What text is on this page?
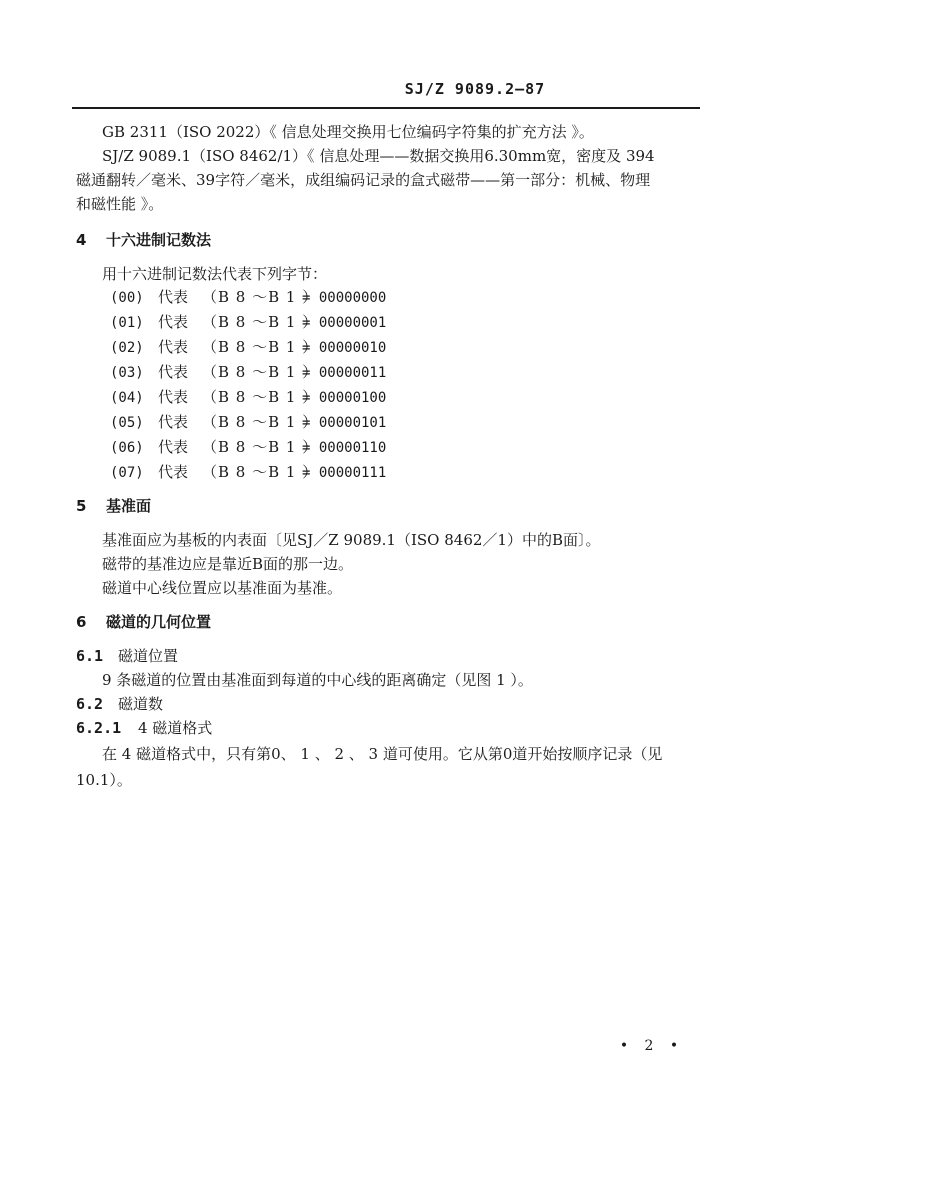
SJ/Z 9089.2—87
GB 2311（ISO 2022）《 信息处理交换用七位编码字符集的扩充方法 》。
SJ/Z 9089.1（ISO 8462/1）《 信息处理——数据交换用6.30mm宽，密度及 394
磁通翻转／毫米、39字符／毫米，成组编码记录的盒式磁带——第一部分：机械、物理
和磁性能 》。
4 十六进制记数法
用十六进制记数法代表下列字节：
(00) 代表 （B 8 ～B 1 ）= 00000000
(01) 代表 （B 8 ～B 1 ）= 00000001
(02) 代表 （B 8 ～B 1 ）= 00000010
(03) 代表 （B 8 ～B 1 ）= 00000011
(04) 代表 （B 8 ～B 1 ）= 00000100
(05) 代表 （B 8 ～B 1 ）= 00000101
(06) 代表 （B 8 ～B 1 ）= 00000110
(07) 代表 （B 8 ～B 1 ）= 00000111
5 基准面
基准面应为基板的内表面〔见SJ／Z 9089.1（ISO 8462／1）中的B面〕。
磁带的基准边应是靠近B面的那一边。
磁道中心线位置应以基准面为基准。
6 磁道的几何位置
6.1 磁道位置
9 条磁道的位置由基准面到每道的中心线的距离确定（见图 1 ）。
6.2 磁道数
6.2.1 4 磁道格式
在 4 磁道格式中，只有第0、 1 、 2 、 3 道可使用。它从第0道开始按顺序记录（见
10.1）。
• 2 •
